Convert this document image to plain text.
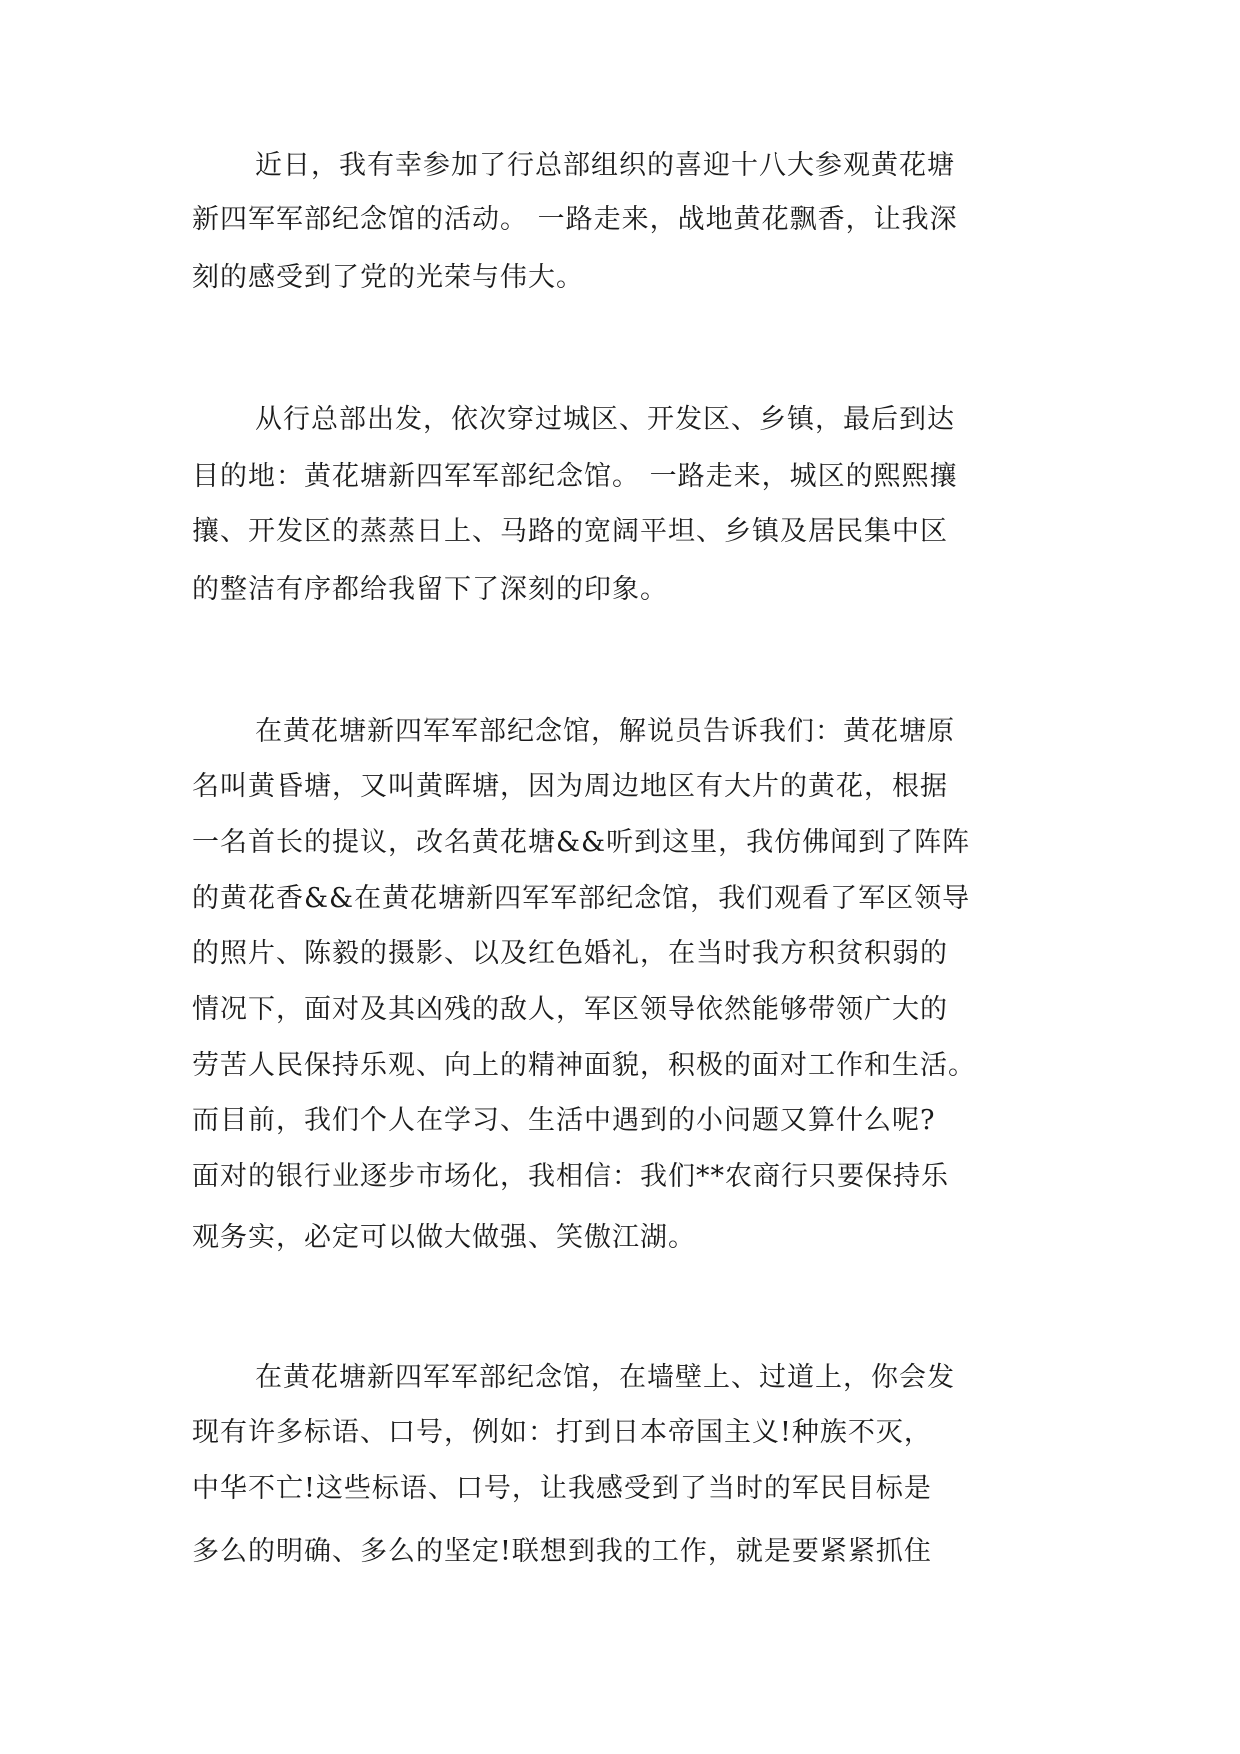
近日，我有幸参加了行总部组织的喜迎十八大参观黄花塘

新四军军部纪念馆的活动。 一路走来，战地黄花飘香，让我深

刻的感受到了党的光荣与伟大。

从行总部出发，依次穿过城区、开发区、乡镇，最后到达

目的地：黄花塘新四军军部纪念馆。 一路走来，城区的熙熙攘

攘、开发区的蒸蒸日上、马路的宽阔平坦、乡镇及居民集中区

的整洁有序都给我留下了深刻的印象。

在黄花塘新四军军部纪念馆，解说员告诉我们：黄花塘原

名叫黄昏塘，又叫黄晖塘，因为周边地区有大片的黄花，根据

一名首长的提议，改名黄花塘&&听到这里，我仿佛闻到了阵阵

的黄花香&&在黄花塘新四军军部纪念馆，我们观看了军区领导

的照片、陈毅的摄影、以及红色婚礼，在当时我方积贫积弱的

情况下，面对及其凶残的敌人，军区领导依然能够带领广大的

劳苦人民保持乐观、向上的精神面貌，积极的面对工作和生活。

而目前，我们个人在学习、生活中遇到的小问题又算什么呢?

面对的银行业逐步市场化，我相信：我们**农商行只要保持乐

观务实，必定可以做大做强、笑傲江湖。

在黄花塘新四军军部纪念馆，在墙壁上、过道上，你会发

现有许多标语、口号，例如：打到日本帝国主义!种族不灭，

中华不亡!这些标语、口号，让我感受到了当时的军民目标是

多么的明确、多么的坚定!联想到我的工作，就是要紧紧抓住
